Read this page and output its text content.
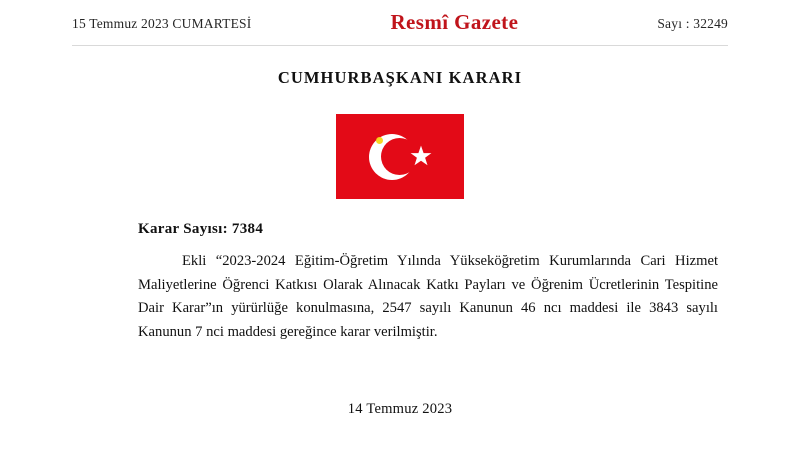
15 Temmuz 2023 CUMARTESİ	Resmî Gazete	Sayı : 32249
CUMHURBAŞKANI KARARI
Karar Sayısı: 7384
Ekli “2023-2024 Eğitim-Öğretim Yılında Yükseköğretim Kurumlarında Cari Hizmet Maliyetlerine Öğrenci Katkısı Olarak Alınacak Katkı Payları ve Öğrenim Ücretlerinin Tespitine Dair Karar”ın yürürlüğe konulmasına, 2547 sayılı Kanunun 46 ncı maddesi ile 3843 sayılı Kanunun 7 nci maddesi gereğince karar verilmiştir.
14 Temmuz 2023
